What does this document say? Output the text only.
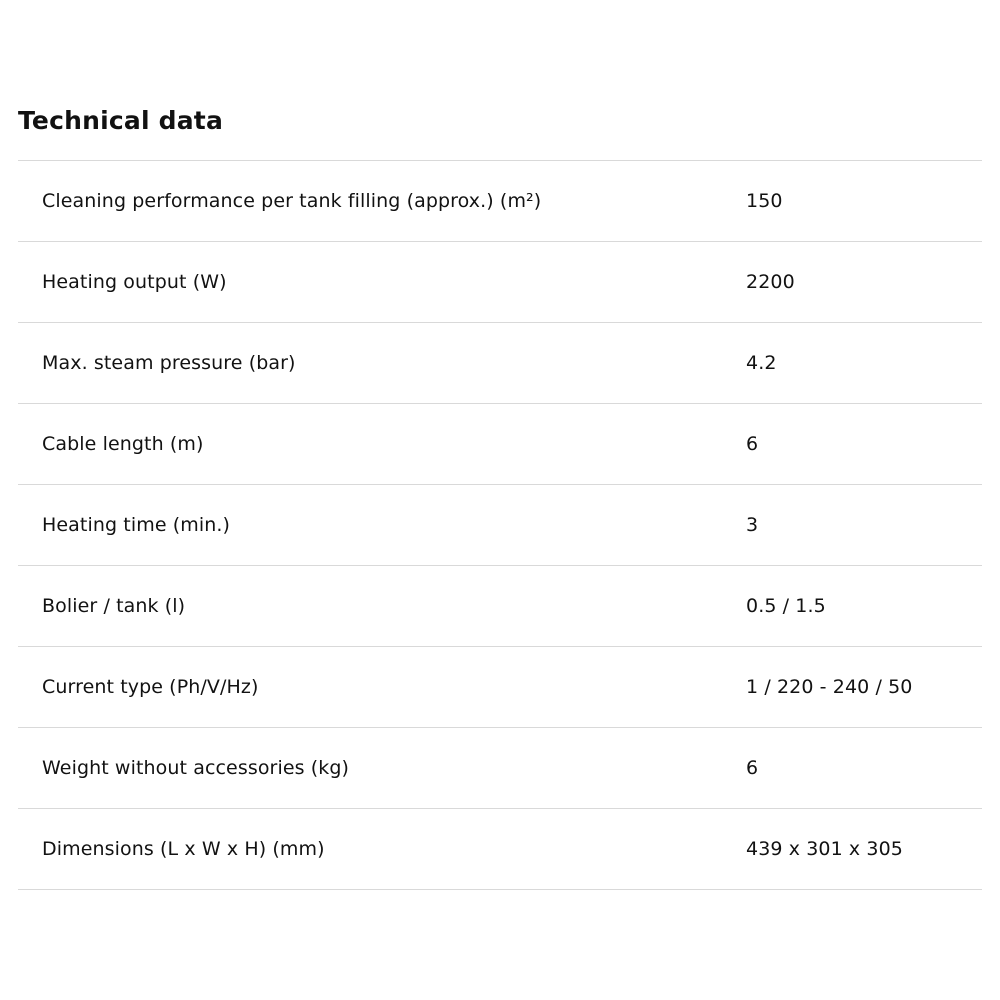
Technical data
Cleaning performance per tank filling (approx.) (m²)	150
Heating output (W)	2200
Max. steam pressure (bar)	4.2
Cable length (m)	6
Heating time (min.)	3
Bolier / tank (l)	0.5 / 1.5
Current type (Ph/V/Hz)	1 / 220 - 240 / 50
Weight without accessories (kg)	6
Dimensions (L x W x H) (mm)	439 x 301 x 305
